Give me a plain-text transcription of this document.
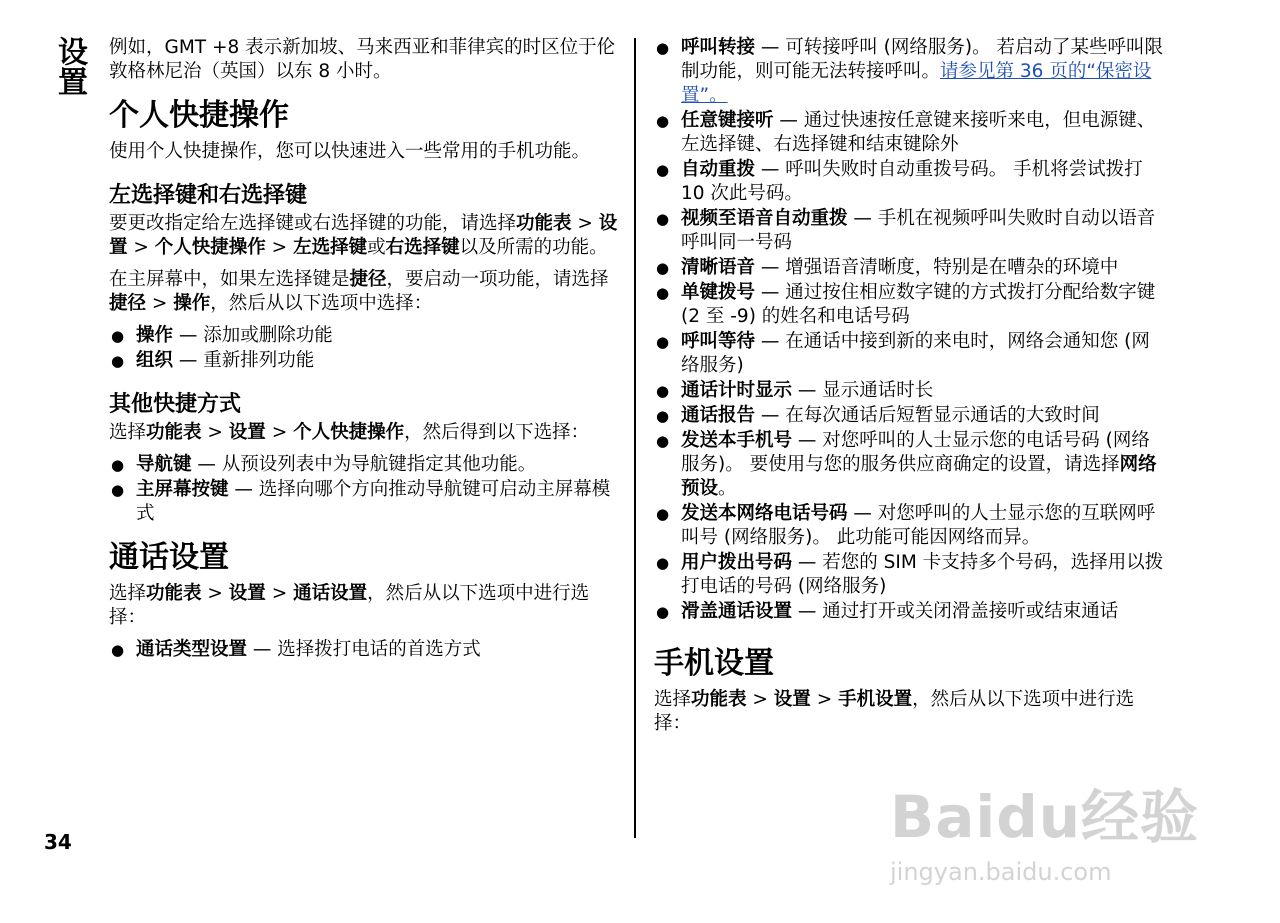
设置
34

例如，GMT +8 表示新加坡、马来西亚和菲律宾的时区位于伦敦格林尼治（英国）以东 8 小时。

个人快捷操作

使用个人快捷操作，您可以快速进入一些常用的手机功能。

左选择键和右选择键

要更改指定给左选择键或右选择键的功能，请选择功能表 > 设置 > 个人快捷操作 > 左选择键或右选择键以及所需的功能。

在主屏幕中，如果左选择键是捷径，要启动一项功能，请选择捷径 > 操作，然后从以下选项中选择：

● 操作 — 添加或删除功能
● 组织 — 重新排列功能
其他快捷方式

选择功能表 > 设置 > 个人快捷操作，然后得到以下选择：

● 导航键 — 从预设列表中为导航键指定其他功能。
● 主屏幕按键 — 选择向哪个方向推动导航键可启动主屏幕模式
通话设置

选择功能表 > 设置 > 通话设置，然后从以下选项中进行选择：

● 通话类型设置 — 选择拨打电话的首选方式
● 呼叫转接 — 可转接呼叫 (网络服务)。 若启动了某些呼叫限制功能，则可能无法转接呼叫。请参见第 36 页的“保密设置”。
● 任意键接听 — 通过快速按任意键来接听来电，但电源键、左选择键、右选择键和结束键除外
● 自动重拨 — 呼叫失败时自动重拨号码。 手机将尝试拨打 10 次此号码。
● 视频至语音自动重拨 — 手机在视频呼叫失败时自动以语音呼叫同一号码
● 清晰语音 — 增强语音清晰度，特别是在嘈杂的环境中
● 单键拨号 — 通过按住相应数字键的方式拨打分配给数字键 (2 至 -9) 的姓名和电话号码
● 呼叫等待 — 在通话中接到新的来电时，网络会通知您 (网络服务)
● 通话计时显示 — 显示通话时长
● 通话报告 — 在每次通话后短暂显示通话的大致时间
● 发送本手机号 — 对您呼叫的人士显示您的电话号码 (网络服务)。 要使用与您的服务供应商确定的设置，请选择网络预设。
● 发送本网络电话号码 — 对您呼叫的人士显示您的互联网呼叫号 (网络服务)。 此功能可能因网络而异。
● 用户拨出号码 — 若您的 SIM 卡支持多个号码，选择用以拨打电话的号码 (网络服务)
● 滑盖通话设置 — 通过打开或关闭滑盖接听或结束通话
手机设置

选择功能表 > 设置 > 手机设置，然后从以下选项中进行选择：

Baidu经验
jingyan.baidu.com
